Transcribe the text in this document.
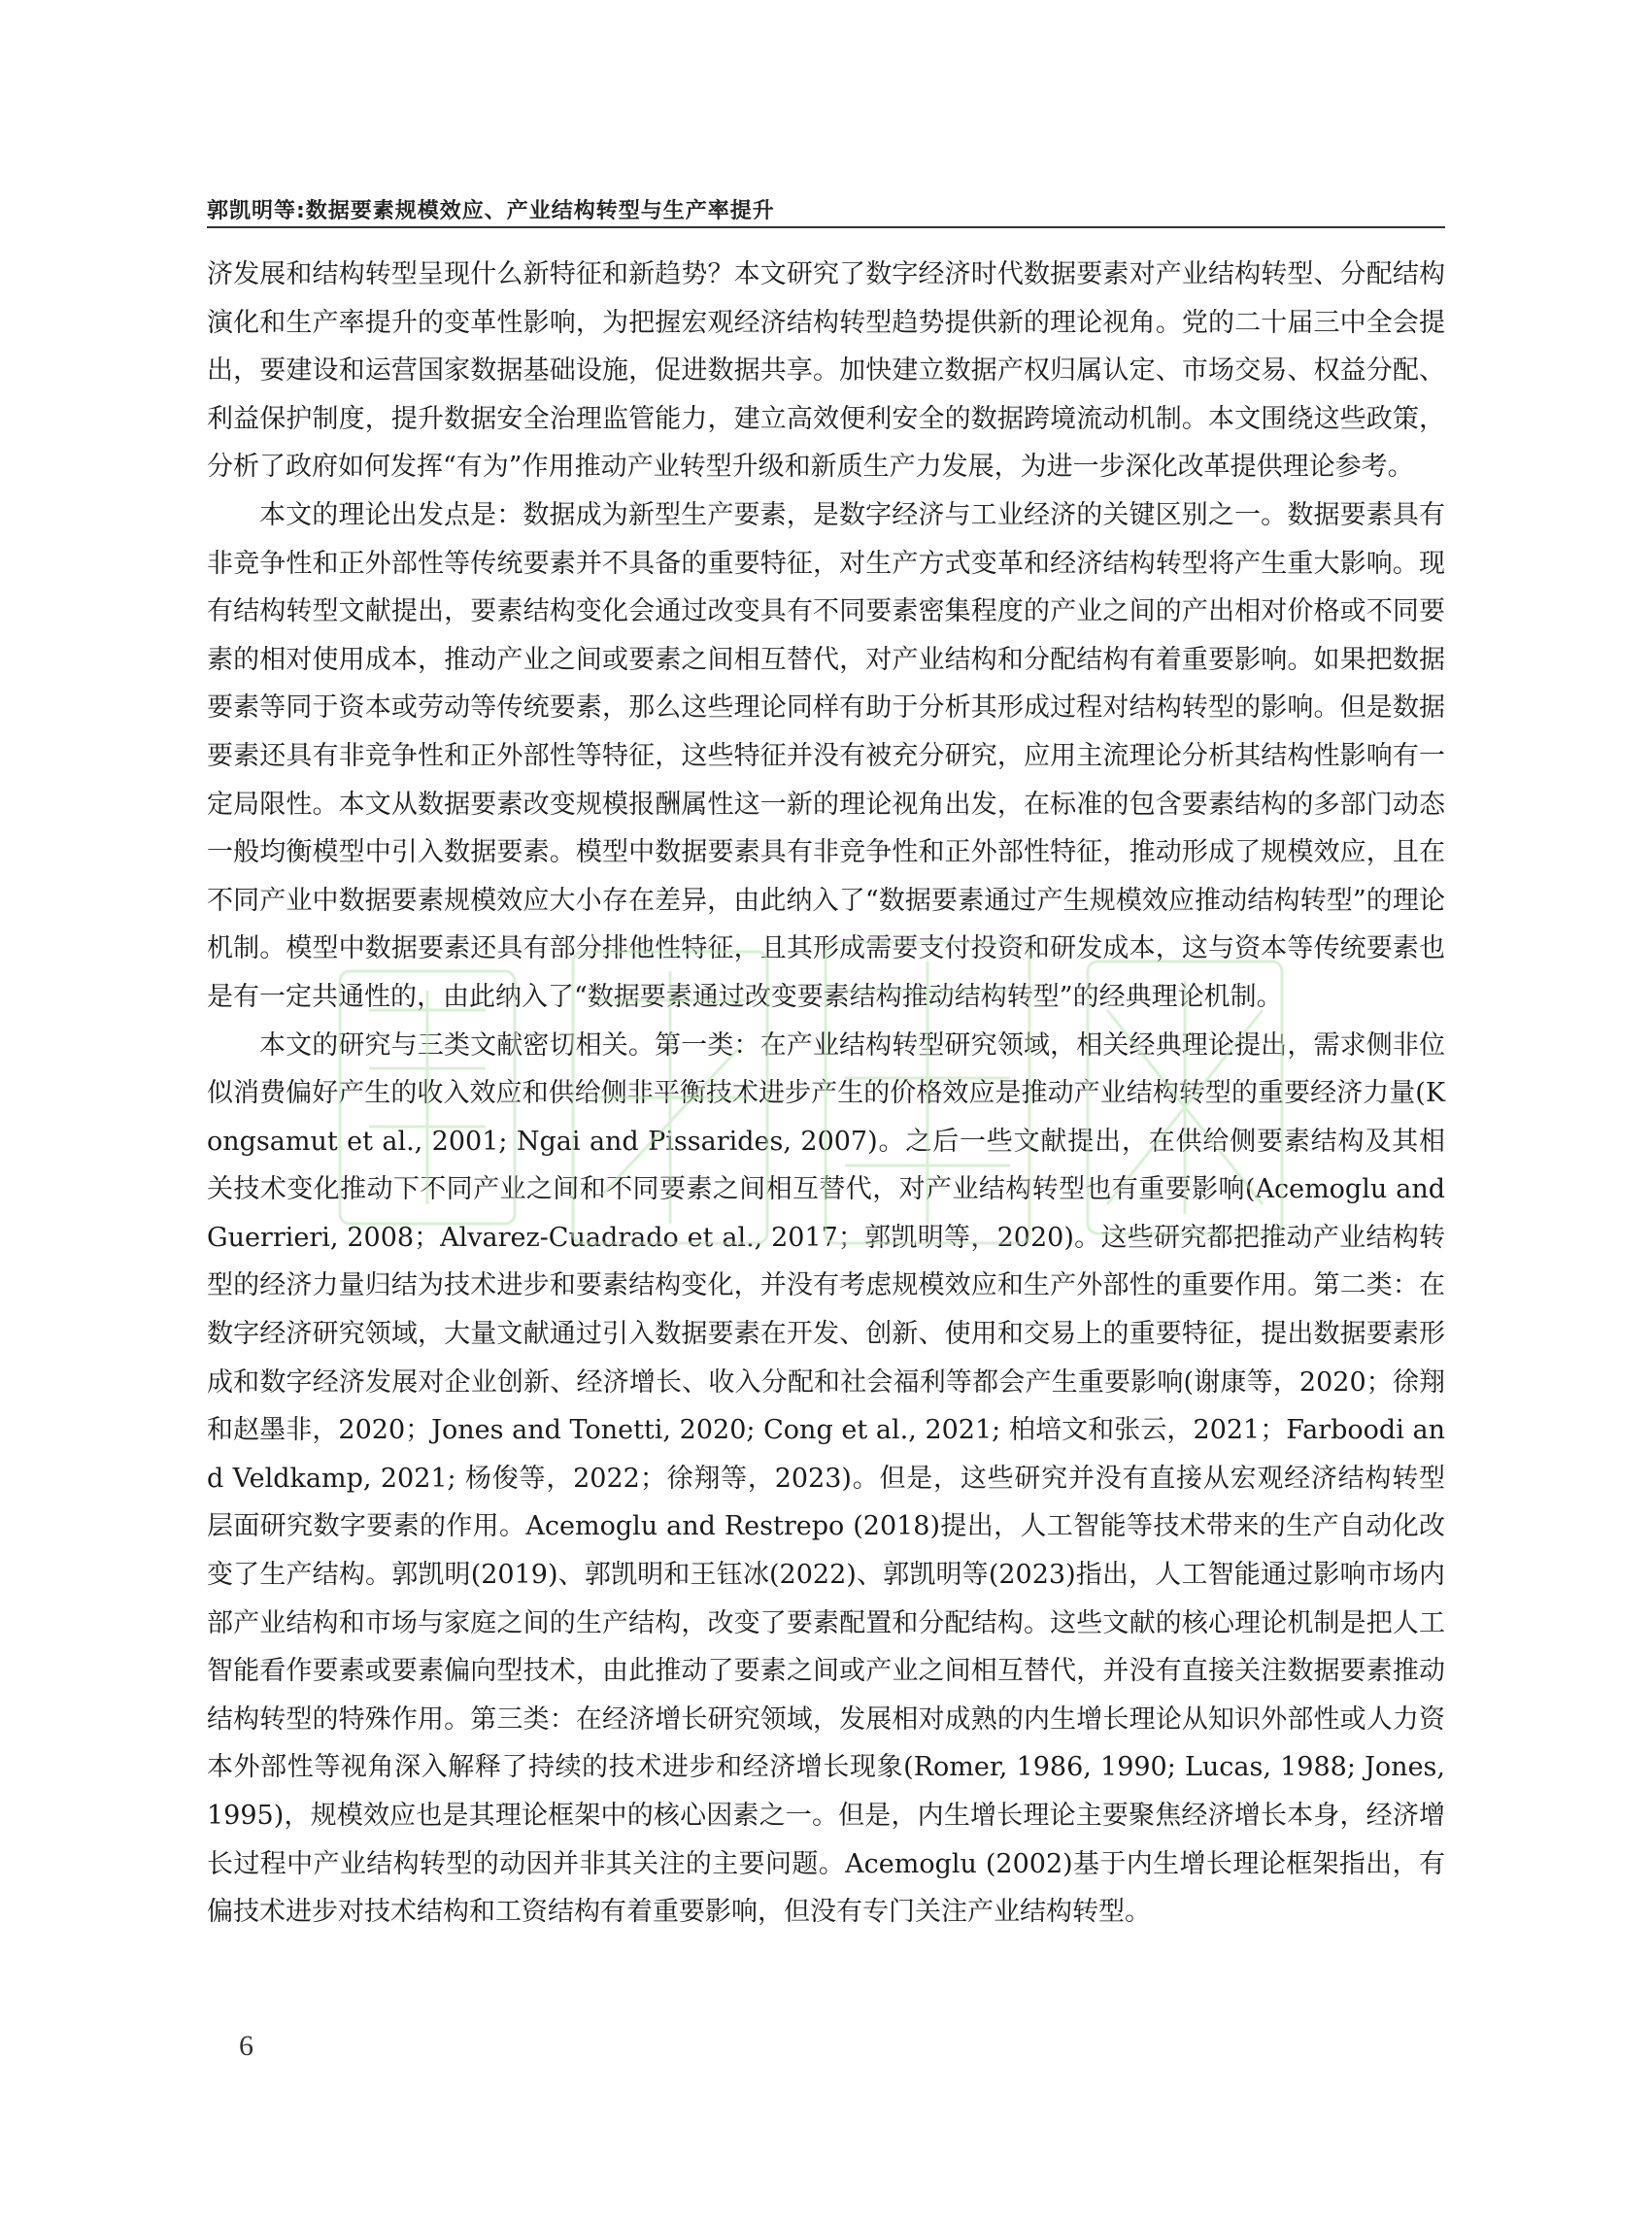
郭凯明等:数据要素规模效应、产业结构转型与生产率提升

济发展和结构转型呈现什么新特征和新趋势？本文研究了数字经济时代数据要素对产业结构转型、分配结构演化和生产率提升的变革性影响，为把握宏观经济结构转型趋势提供新的理论视角。党的二十届三中全会提出，要建设和运营国家数据基础设施，促进数据共享。加快建立数据产权归属认定、市场交易、权益分配、利益保护制度，提升数据安全治理监管能力，建立高效便利安全的数据跨境流动机制。本文围绕这些政策，分析了政府如何发挥“有为”作用推动产业转型升级和新质生产力发展，为进一步深化改革提供理论参考。

本文的理论出发点是：数据成为新型生产要素，是数字经济与工业经济的关键区别之一。数据要素具有非竞争性和正外部性等传统要素并不具备的重要特征，对生产方式变革和经济结构转型将产生重大影响。现有结构转型文献提出，要素结构变化会通过改变具有不同要素密集程度的产业之间的产出相对价格或不同要素的相对使用成本，推动产业之间或要素之间相互替代，对产业结构和分配结构有着重要影响。如果把数据要素等同于资本或劳动等传统要素，那么这些理论同样有助于分析其形成过程对结构转型的影响。但是数据要素还具有非竞争性和正外部性等特征，这些特征并没有被充分研究，应用主流理论分析其结构性影响有一定局限性。本文从数据要素改变规模报酬属性这一新的理论视角出发，在标准的包含要素结构的多部门动态一般均衡模型中引入数据要素。模型中数据要素具有非竞争性和正外部性特征，推动形成了规模效应，且在不同产业中数据要素规模效应大小存在差异，由此纳入了“数据要素通过产生规模效应推动结构转型”的理论机制。模型中数据要素还具有部分排他性特征，且其形成需要支付投资和研发成本，这与资本等传统要素也是有一定共通性的，由此纳入了“数据要素通过改变要素结构推动结构转型”的经典理论机制。

本文的研究与三类文献密切相关。第一类：在产业结构转型研究领域，相关经典理论提出，需求侧非位似消费偏好产生的收入效应和供给侧非平衡技术进步产生的价格效应是推动产业结构转型的重要经济力量(Kongsamut et al., 2001; Ngai and Pissarides, 2007)。之后一些文献提出，在供给侧要素结构及其相关技术变化推动下不同产业之间和不同要素之间相互替代，对产业结构转型也有重要影响(Acemoglu and Guerrieri, 2008；Alvarez-Cuadrado et al., 2017；郭凯明等，2020)。这些研究都把推动产业结构转型的经济力量归结为技术进步和要素结构变化，并没有考虑规模效应和生产外部性的重要作用。第二类：在数字经济研究领域，大量文献通过引入数据要素在开发、创新、使用和交易上的重要特征，提出数据要素形成和数字经济发展对企业创新、经济增长、收入分配和社会福利等都会产生重要影响(谢康等，2020；徐翔和赵墨非，2020；Jones and Tonetti, 2020; Cong et al., 2021; 柏培文和张云，2021；Farboodi and Veldkamp, 2021; 杨俊等，2022；徐翔等，2023)。但是，这些研究并没有直接从宏观经济结构转型层面研究数字要素的作用。Acemoglu and Restrepo (2018)提出，人工智能等技术带来的生产自动化改变了生产结构。郭凯明(2019)、郭凯明和王钰冰(2022)、郭凯明等(2023)指出，人工智能通过影响市场内部产业结构和市场与家庭之间的生产结构，改变了要素配置和分配结构。这些文献的核心理论机制是把人工智能看作要素或要素偏向型技术，由此推动了要素之间或产业之间相互替代，并没有直接关注数据要素推动结构转型的特殊作用。第三类：在经济增长研究领域，发展相对成熟的内生增长理论从知识外部性或人力资本外部性等视角深入解释了持续的技术进步和经济增长现象(Romer, 1986, 1990; Lucas, 1988; Jones, 1995)，规模效应也是其理论框架中的核心因素之一。但是，内生增长理论主要聚焦经济增长本身，经济增长过程中产业结构转型的动因并非其关注的主要问题。Acemoglu (2002)基于内生增长理论框架指出，有偏技术进步对技术结构和工资结构有着重要影响，但没有专门关注产业结构转型。

6
